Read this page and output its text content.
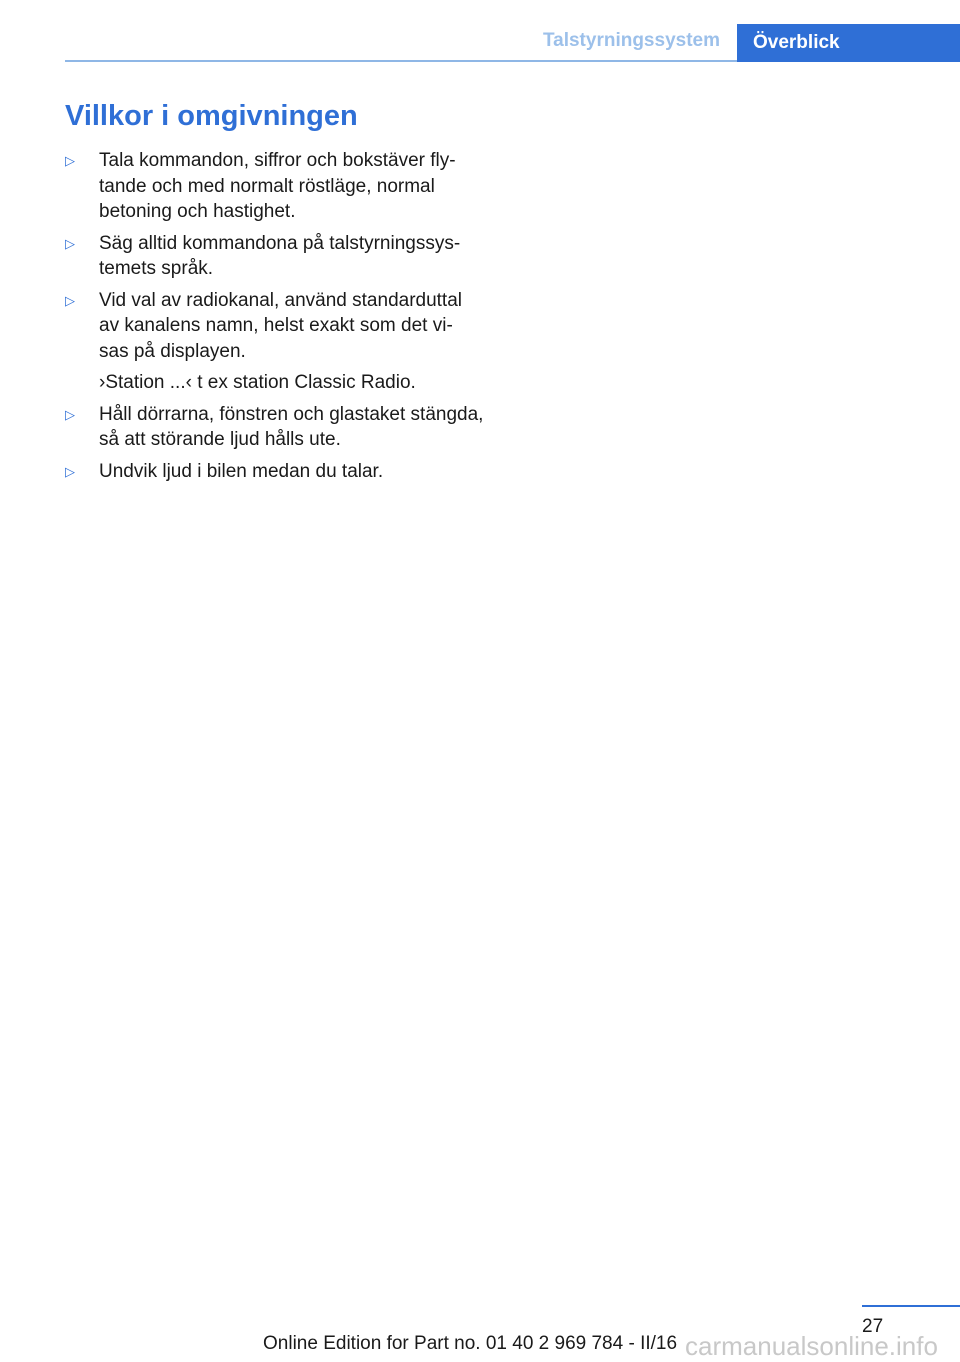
Talstyrningssystem	Överblick
Villkor i omgivningen
▷ Tala kommandon, siffror och bokstäver fly‐ tande och med normalt röstläge, normal betoning och hastighet.
▷ Säg alltid kommandona på talstyrningssys‐ temets språk.
▷ Vid val av radiokanal, använd standarduttal av kanalens namn, helst exakt som det vi‐ sas på displayen.
›Station ...‹ t ex station Classic Radio.
▷ Håll dörrarna, fönstren och glastaket stängda, så att störande ljud hålls ute.
▷ Undvik ljud i bilen medan du talar.
27
Online Edition for Part no. 01 40 2 969 784 - II/16 carmanualsonline.info
